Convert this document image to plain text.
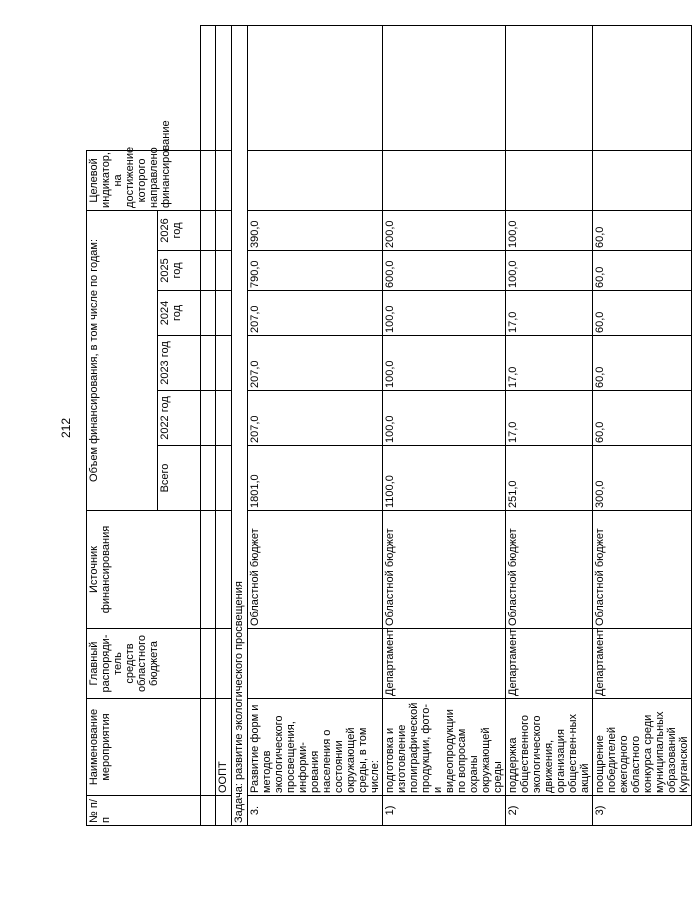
212
№ п/п	Наименование мероприятия	Главный распоряди-тель средств областного бюджета	Источник финансирования	Объем финансирования, в том числе по годам:						Целевой индикатор, на достижение которого направлено финансирование	
				Всего	2022 год	2023 год	2024 год	2025 год	2026 год		

	ООПТ										
Задача: развитие экологического просвещения											
3.	Развитие форм и методов экологического просвещения, информи-рования населения о состоянии окружающей среды, в том числе:		Областной бюджет	1801,0	207,0	207,0	207,0	790,0	390,0		
1)	подготовка и изготовление полиграфической продукции, фото- и видеопродукции по вопросам охраны окружающей среды	Департамент	Областной бюджет	1100,0	100,0	100,0	100,0	600,0	200,0		
2)	поддержка общественного экологического движения, организация обществен-ных акций	Департамент	Областной бюджет	251,0	17,0	17,0	17,0	100,0	100,0		
3)	поощрение победителей ежегодного областного конкурса среди муниципальных образований Курганской	Департамент	Областной бюджет	300,0	60,0	60,0	60,0	60,0	60,0		
